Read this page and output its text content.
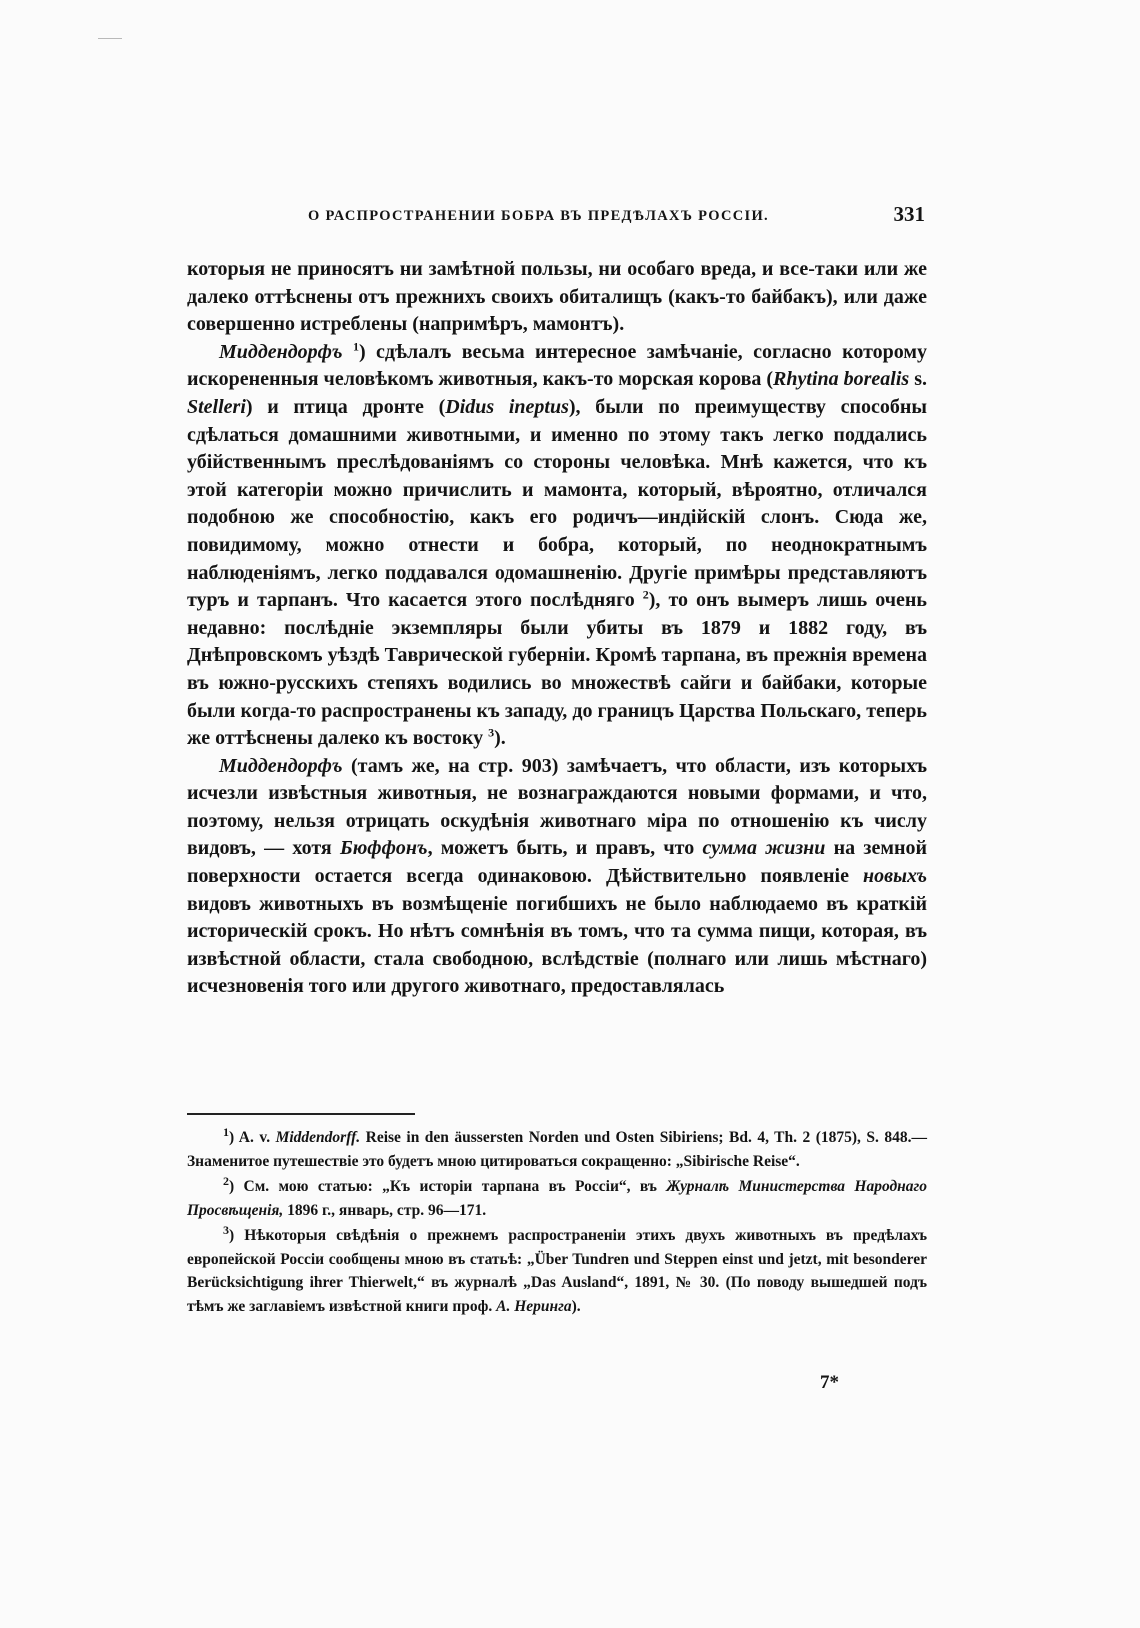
О РАСПРОСТРАНЕНИИ БОБРА ВЪ ПРЕДѢЛАХЪ РОССІИ.	331

которыя не приносятъ ни замѣтной пользы, ни особаго вреда, и все-таки или же далеко оттѣснены отъ прежнихъ своихъ обиталищъ (какъ-то байбакъ), или даже совершенно истреблены (напримѣръ, мамонтъ).

Миддендорфъ $^1$) сдѣлалъ весьма интересное замѣчаніе, согласно которому искорененныя человѣкомъ животныя, какъ-то морская корова (Rhytina borealis s. Stelleri) и птица дронте (Didus ineptus), были по преимуществу способны сдѣлаться домашними животными, и именно по этому такъ легко поддались убійственнымъ преслѣдованіямъ со стороны человѣка. Мнѣ кажется, что къ этой категоріи можно причислить и мамонта, который, вѣроятно, отличался подобною же способностію, какъ его родичъ—индійскій слонъ. Сюда же, повидимому, можно отнести и бобра, который, по неоднократнымъ наблюденіямъ, легко поддавался одомашненію. Другіе примѣры представляютъ туръ и тарпанъ. Что касается этого послѣдняго $^2$), то онъ вымеръ лишь очень недавно: послѣдніе экземпляры были убиты въ 1879 и 1882 году, въ Днѣпровскомъ уѣздѣ Таврической губерніи. Кромѣ тарпана, въ прежнія времена въ южно-русскихъ степяхъ водились во множествѣ сайги и байбаки, которые были когда-то распространены къ западу, до границъ Царства Польскаго, теперь же оттѣснены далеко къ востоку $^3$).

Миддендорфъ (тамъ же, на стр. 903) замѣчаетъ, что области, изъ которыхъ исчезли извѣстныя животныя, не вознаграждаются новыми формами, и что, поэтому, нельзя отрицать оскудѣнія животнаго міра по отношенію къ числу видовъ, — хотя Бюффонъ, можетъ быть, и правъ, что сумма жизни на земной поверхности остается всегда одинаковою. Дѣйствительно появленіе новыхъ видовъ животныхъ въ возмѣщеніе погибшихъ не было наблюдаемо въ краткій историческій срокъ. Но нѣтъ сомнѣнія въ томъ, что та сумма пищи, которая, въ извѣстной области, стала свободною, вслѣдствіе (полнаго или лишь мѣстнаго) исчезновенія того или другого животнаго, предоставлялась

$^1$) A. v. Middendorff. Reise in den äussersten Norden und Osten Sibiriens; Bd. 4, Th. 2 (1875), S. 848.—Знаменитое путешествіе это будетъ мною цитироваться сокращенно: „Sibirische Reise“.

$^2$) См. мою статью: „Къ исторіи тарпана въ Россіи“, въ Журналѣ Министерства Народнаго Просвѣщенія, 1896 г., январь, стр. 96—171.

$^3$) Нѣкоторыя свѣдѣнія о прежнемъ распространеніи этихъ двухъ животныхъ въ предѣлахъ европейской Россіи сообщены мною въ статьѣ: „Über Tundren und Steppen einst und jetzt, mit besonderer Berücksichtigung ihrer Thierwelt,“ въ журналѣ „Das Ausland“, 1891, № 30. (По поводу вышедшей подъ тѣмъ же заглавіемъ извѣстной книги проф. А. Неринга).

7*
